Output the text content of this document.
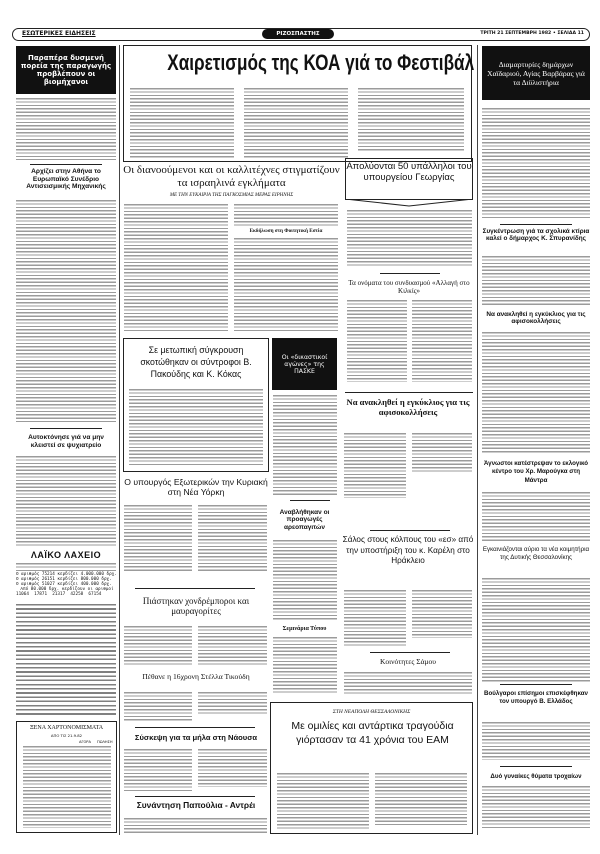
ΕΣΩΤΕΡΙΚΕΣ ΕΙΔΗΣΕΙΣ	ΡΙΖΟΣΠΑΣΤΗΣ	ΤΡΙΤΗ 21 ΣΕΠΤΕΜΒΡΗ 1982 • ΣΕΛΙΔΑ 11
Παραπέρα δυσμενή πορεία της παραγωγής προβλέπουν οι βιομήχανοι
Αρχίζει στην Αθήνα το Ευρωπαϊκό Συνέδριο Αντισεισμικής Μηχανικής
Αυτοκτόνησε γιά να μην κλειστεί σε ψυχιατρείο
ΛΑΪΚΟ ΛΑΧΕΙΟ
Ο αριθμός 75214 κερδίζει 4.000.000 δρχ.
Ο αριθμός 26151 κερδίζει 800.000 δρχ.
Ο αριθμός 51027 κερδίζει 400.000 δρχ.
Από 80.000 δρχ. κερδίζουν οι αριθμοί
11064  17871  21317  42258  67154
ΞΕΝΑ ΧΑΡΤΟΝΟΜΙΣΜΑΤΑ
ΑΠΟ ΤΙΣ 21.9.82
ΑΓΟΡΑ ΠΩΛΗΣΗ
Χαιρετισμός της ΚΟΑ γιά το Φεστιβάλ
Οι διανοούμενοι και οι καλλιτέχνες στιγματίζουν τα ισραηλινά εγκλήματα
ΜΕ ΤΗΝ ΕΥΚΑΙΡΙΑ ΤΗΣ ΠΑΓΚΟΣΜΙΑΣ ΜΕΡΑΣ ΕΙΡΗΝΗΣ
Εκδήλωση στη Φοιτητική Εστία
Απολύονται 50 υπάλληλοι του υπουργείου Γεωργίας
Τα ονόματα του συνδυασμού «Αλλαγή στο Κιλκίς»
Σε μετωπική σύγκρουση σκοτώθηκαν οι σύντροφοι Β. Πακούδης και Κ. Κόκας
Οι «δικαστικοί αγώνες» της ΠΑΣΚΕ
Να ανακληθεί η εγκύκλιος για τις αφισοκολλήσεις
Ο υπουργός Εξωτερικών την Κυριακή στη Νέα Υόρκη
Αναβλήθηκαν οι προαγωγές αρεοπαγιτών
Σάλος στους κόλπους του «εσ» από την υποστήριξη του κ. Καρέλη στο Ηράκλειο
Πιάστηκαν χονδρέμποροι και μαυραγορίτες
Σεμινάρια Τύπου
Κοινότητες Σάμου
Πέθανε η 16χρονη Στέλλα Τικούδη
Σύσκεψη για τα μήλα στη Νάουσα
Συνάντηση Παπούλια - Αντρέι
ΣΤΗ ΝΕΑΠΟΛΗ ΘΕΣΣΑΛΟΝΙΚΗΣ
Με ομιλίες και αντάρτικα τραγούδια γιόρτασαν τα 41 χρόνια του ΕΑΜ
Διαμαρτυρίες δημάρχων Χαϊδαριού, Αγίας Βαρβάρας γιά τα Διϋλιστήρια
Συγκέντρωση γιά τα σχολικά κτίρια καλεί ο δήμαρχος Κ. Σπυρανίδης
Να ανακληθεί η εγκύκλιος για τις αφισοκολλήσεις
Άγνωστοι κατέστρεψαν το εκλογικό κέντρο του Χρ. Μαρούγκα στη Μάντρα
Εγκαινιάζονται αύριο τα νέα κοιμητήρια της Δυτικής Θεσσαλονίκης
Βούλγαροι επίσημοι επισκέφθηκαν τον υπουργό Β. Ελλάδος
Δυό γυναίκες θύματα τροχαίων
